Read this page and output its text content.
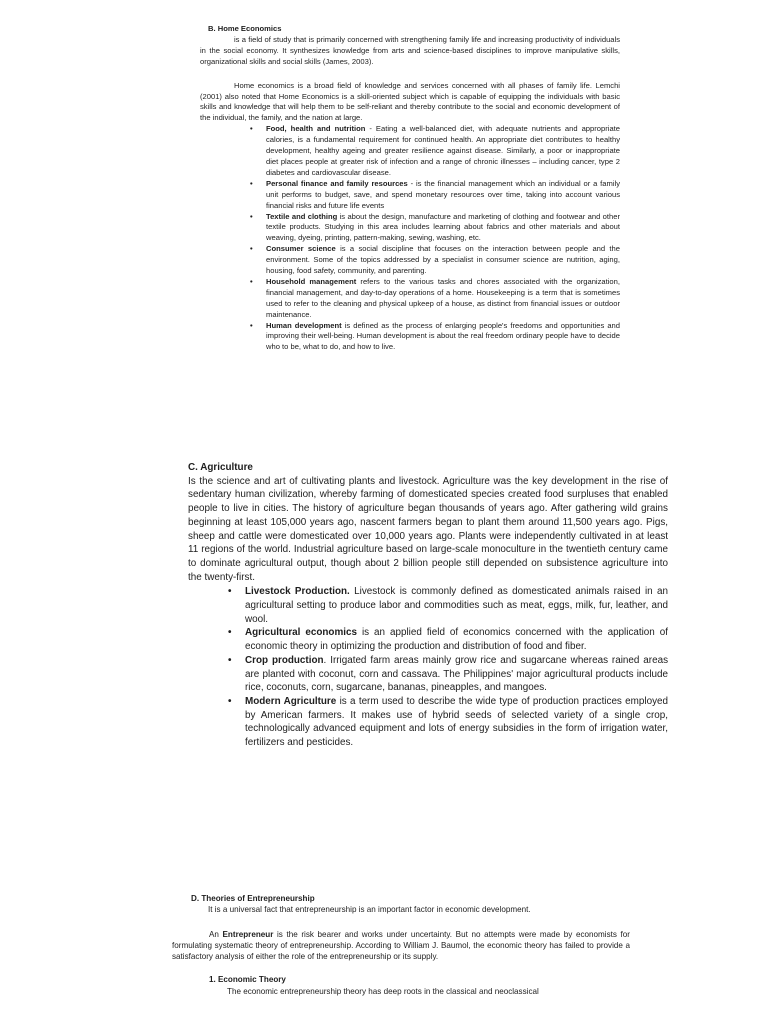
B. Home Economics

is a field of study that is primarily concerned with strengthening family life and increasing productivity of individuals in the social economy. It synthesizes knowledge from arts and science-based disciplines to improve manipulative skills, organizational skills and social skills (James, 2003).

Home economics is a broad field of knowledge and services concerned with all phases of family life. Lemchi (2001) also noted that Home Economics is a skill-oriented subject which is capable of equipping the individuals with basic skills and knowledge that will help them to be self-reliant and thereby contribute to the social and economic development of the individual, the family, and the nation at large.

• Food, health and nutrition - Eating a well-balanced diet, with adequate nutrients and appropriate calories, is a fundamental requirement for continued health. An appropriate diet contributes to healthy development, healthy ageing and greater resilience against disease. Similarly, a poor or inappropriate diet places people at greater risk of infection and a range of chronic illnesses – including cancer, type 2 diabetes and cardiovascular disease.
• Personal finance and family resources - is the financial management which an individual or a family unit performs to budget, save, and spend monetary resources over time, taking into account various financial risks and future life events
• Textile and clothing is about the design, manufacture and marketing of clothing and footwear and other textile products. Studying in this area includes learning about fabrics and other materials and about weaving, dyeing, printing, pattern-making, sewing, washing, etc.
• Consumer science is a social discipline that focuses on the interaction between people and the environment. Some of the topics addressed by a specialist in consumer science are nutrition, aging, housing, food safety, community, and parenting.
• Household management refers to the various tasks and chores associated with the organization, financial management, and day-to-day operations of a home. Housekeeping is a term that is sometimes used to refer to the cleaning and physical upkeep of a house, as distinct from financial issues or outdoor maintenance.
• Human development is defined as the process of enlarging people's freedoms and opportunities and improving their well-being. Human development is about the real freedom ordinary people have to decide who to be, what to do, and how to live.
C. Agriculture

Is the science and art of cultivating plants and livestock. Agriculture was the key development in the rise of sedentary human civilization, whereby farming of domesticated species created food surpluses that enabled people to live in cities. The history of agriculture began thousands of years ago. After gathering wild grains beginning at least 105,000 years ago, nascent farmers began to plant them around 11,500 years ago. Pigs, sheep and cattle were domesticated over 10,000 years ago. Plants were independently cultivated in at least 11 regions of the world. Industrial agriculture based on large-scale monoculture in the twentieth century came to dominate agricultural output, though about 2 billion people still depended on subsistence agriculture into the twenty-first.

• Livestock Production. Livestock is commonly defined as domesticated animals raised in an agricultural setting to produce labor and commodities such as meat, eggs, milk, fur, leather, and wool.
• Agricultural economics is an applied field of economics concerned with the application of economic theory in optimizing the production and distribution of food and fiber.
• Crop production. Irrigated farm areas mainly grow rice and sugarcane whereas rained areas are planted with coconut, corn and cassava. The Philippines' major agricultural products include rice, coconuts, corn, sugarcane, bananas, pineapples, and mangoes.
• Modern Agriculture is a term used to describe the wide type of production practices employed by American farmers. It makes use of hybrid seeds of selected variety of a single crop, technologically advanced equipment and lots of energy subsidies in the form of irrigation water, fertilizers and pesticides.
D. Theories of Entrepreneurship

It is a universal fact that entrepreneurship is an important factor in economic development.

An Entrepreneur is the risk bearer and works under uncertainty. But no attempts were made by economists for formulating systematic theory of entrepreneurship. According to William J. Baumol, the economic theory has failed to provide a satisfactory analysis of either the role of the entrepreneurship or its supply.

1. Economic Theory

The economic entrepreneurship theory has deep roots in the classical and neoclassical
